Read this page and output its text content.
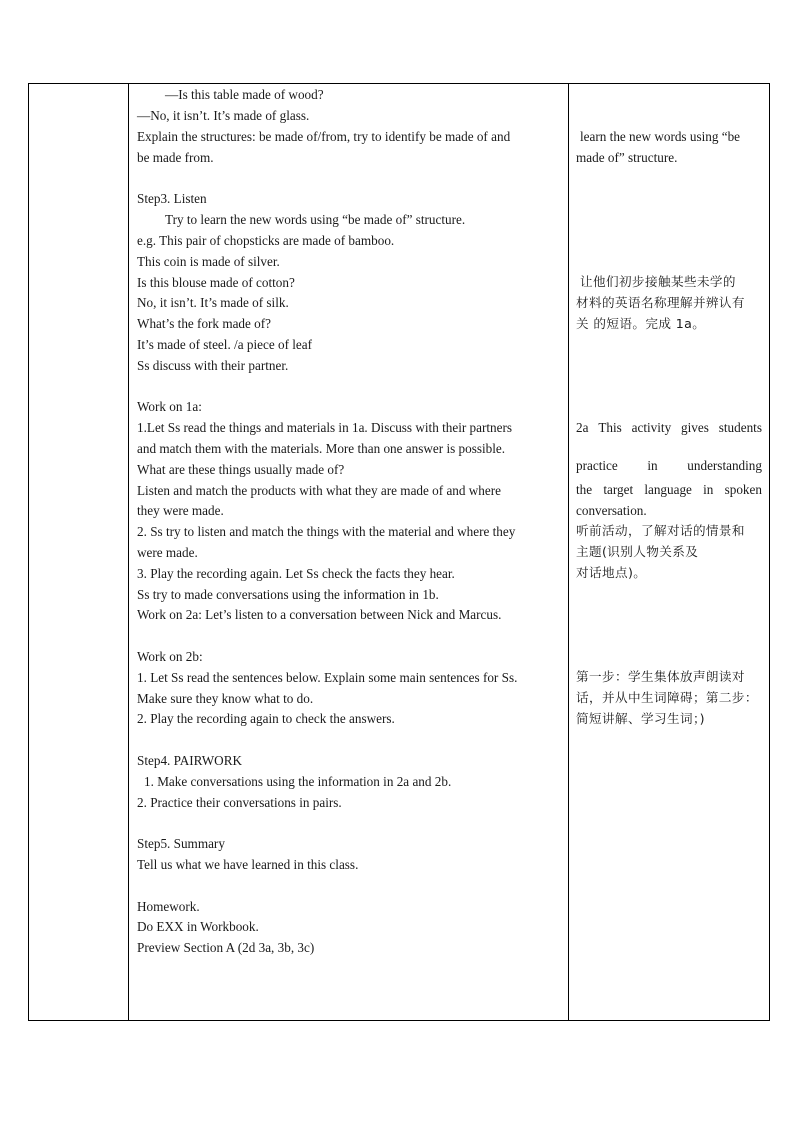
—Is this table made of wood?
—No, it isn’t. It’s made of glass.
Explain the structures: be made of/from, try to identify be made of and
be made from.
Step3. Listen
Try to learn the new words using “be made of” structure.
e.g. This pair of chopsticks are made of bamboo.
This coin is made of silver.
Is this blouse made of cotton?
No, it isn’t. It’s made of silk.
What’s the fork made of?
It’s made of steel. /a piece of leaf
Ss discuss with their partner.
Work on 1a:
1.Let Ss read the things and materials in 1a. Discuss with their partners
and match them with the materials. More than one answer is possible.
What are these things usually made of?
Listen and match the products with what they are made of and where
they were made.
2. Ss try to listen and match the things with the material and where they
were made.
3. Play the recording again. Let Ss check the facts they hear.
Ss try to made conversations using the information in 1b.
Work on 2a: Let’s listen to a conversation between Nick and Marcus.
Work on 2b:
1. Let Ss read the sentences below. Explain some main sentences for Ss.
Make sure they know what to do.
2. Play the recording again to check the answers.
Step4. PAIRWORK
1. Make conversations using the information in 2a and 2b.
2. Practice their conversations in pairs.
Step5. Summary
Tell us what we have learned in this class.
Homework.
Do EXX in Workbook.
Preview Section A (2d 3a, 3b, 3c)
learn the new words using “be
made of” structure.
让他们初步接触某些未学的
材料的英语名称理解并辨认有
关 的短语。完成 1a。
2a This activity gives students
practice in understanding
the target language in spoken
conversation.
听前活动，了解对话的情景和
主题(识别人物关系及
对话地点)。
第一步：学生集体放声朗读对
话，并从中生词障碍；第二步：
简短讲解、学习生词；)
